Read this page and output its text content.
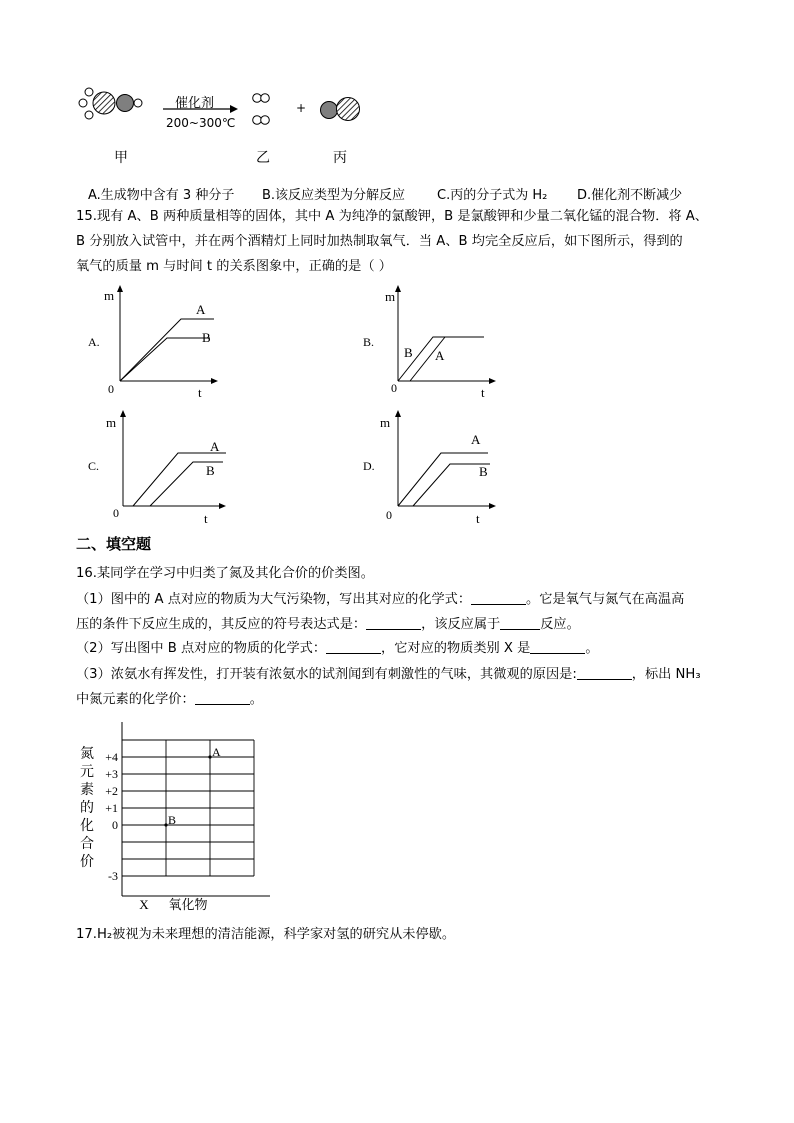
催化剂
200~300℃
+
甲	乙	丙
A.生成物中含有 3 种分子 B.该反应类型为分解反应 C.丙的分子式为 H₂ D.催化剂不断减少
15.现有 A、B 两种质量相等的固体，其中 A 为纯净的氯酸钾，B 是氯酸钾和少量二氧化锰的混合物．将 A、
B 分别放入试管中，并在两个酒精灯上同时加热制取氧气．当 A、B 均完全反应后，如下图所示，得到的
氧气的质量 m 与时间 t 的关系图象中，正确的是（ ）
A.
m
t
0
A
B	B.
m
t
0
B A
C.
m
t
0
A
B	D.
m
t
0
A
B
二、填空题
16.某同学在学习中归类了氮及其化合价的价类图。
（1）图中的 A 点对应的物质为大气污染物，写出其对应的化学式：	。它是氧气与氮气在高温高
压的条件下反应生成的，其反应的符号表达式是：	，该反应属于	反应。
（2）写出图中 B 点对应的物质的化学式：	，它对应的物质类别 X 是	。
（3）浓氨水有挥发性，打开装有浓氨水的试剂闻到有刺激性的气味，其微观的原因是:	，标出 NH₃
中氮元素的化学价：	。
+4
+3
+2
+1
0
-3
氮
元
素
的
化
合
价
X 氧化物
A
B
17.H₂被视为未来理想的清洁能源，科学家对氢的研究从未停歇。
